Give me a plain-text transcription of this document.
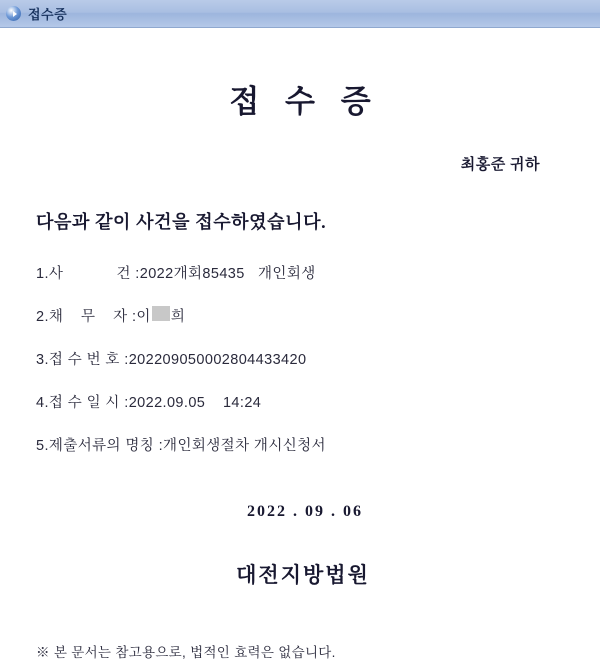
접수증
접 수 증
최홍준 귀하
다음과 같이 사건을 접수하였습니다.
1. 사            건 : 2022개회85435   개인회생
2. 채    무    자 : 이 희
3. 접 수 번 호 : 202209050002804433420
4. 접 수 일 시 : 2022.09.05    14:24
5. 제출서류의 명칭 : 개인회생절차 개시신청서
2022 . 09 . 06
대전지방법원
※ 본 문서는 참고용으로, 법적인 효력은 없습니다.
